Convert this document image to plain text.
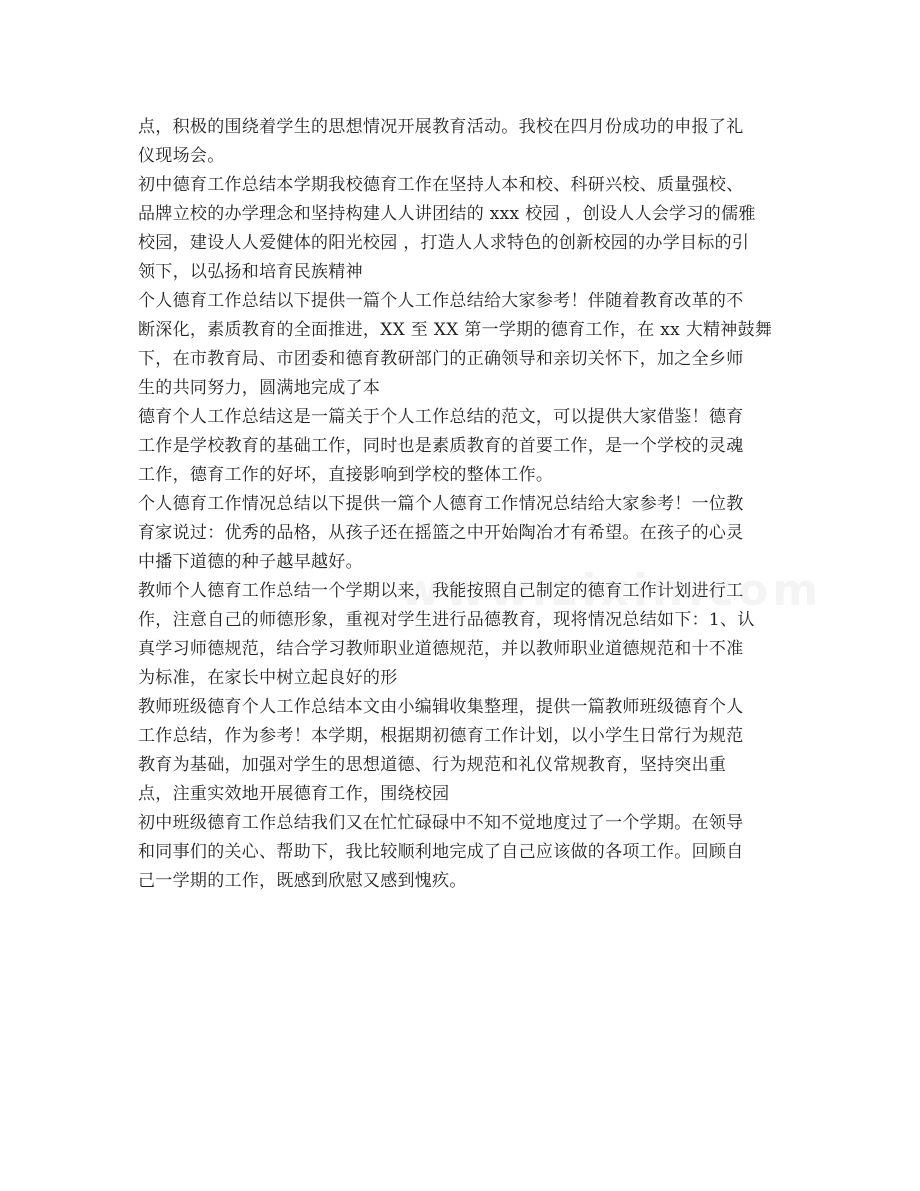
点，积极的围绕着学生的思想情况开展教育活动。我校在四月份成功的申报了礼
仪现场会。
初中德育工作总结本学期我校德育工作在坚持人本和校、科研兴校、质量强校、
品牌立校的办学理念和坚持构建人人讲团结的 xxx 校园 ，创设人人会学习的儒雅
校园，建设人人爱健体的阳光校园 ，打造人人求特色的创新校园的办学目标的引
领下，以弘扬和培育民族精神
个人德育工作总结以下提供一篇个人工作总结给大家参考！伴随着教育改革的不
断深化，素质教育的全面推进，XX 至 XX 第一学期的德育工作，在 xx 大精神鼓舞
下，在市教育局、市团委和德育教研部门的正确领导和亲切关怀下，加之全乡师
生的共同努力，圆满地完成了本
德育个人工作总结这是一篇关于个人工作总结的范文，可以提供大家借鉴！德育
工作是学校教育的基础工作，同时也是素质教育的首要工作，是一个学校的灵魂
工作，德育工作的好坏，直接影响到学校的整体工作。
个人德育工作情况总结以下提供一篇个人德育工作情况总结给大家参考！一位教
育家说过：优秀的品格，从孩子还在摇篮之中开始陶冶才有希望。在孩子的心灵
中播下道德的种子越早越好。
教师个人德育工作总结一个学期以来，我能按照自己制定的德育工作计划进行工
作，注意自己的师德形象，重视对学生进行品德教育，现将情况总结如下：1、认
真学习师德规范，结合学习教师职业道德规范，并以教师职业道德规范和十不准
为标准，在家长中树立起良好的形
教师班级德育个人工作总结本文由小编辑收集整理，提供一篇教师班级德育个人
工作总结，作为参考！本学期，根据期初德育工作计划，以小学生日常行为规范
教育为基础，加强对学生的思想道德、行为规范和礼仪常规教育，坚持突出重
点，注重实效地开展德育工作，围绕校园
初中班级德育工作总结我们又在忙忙碌碌中不知不觉地度过了一个学期。在领导
和同事们的关心、帮助下，我比较顺利地完成了自己应该做的各项工作。回顾自
己一学期的工作，既感到欣慰又感到愧疚。
